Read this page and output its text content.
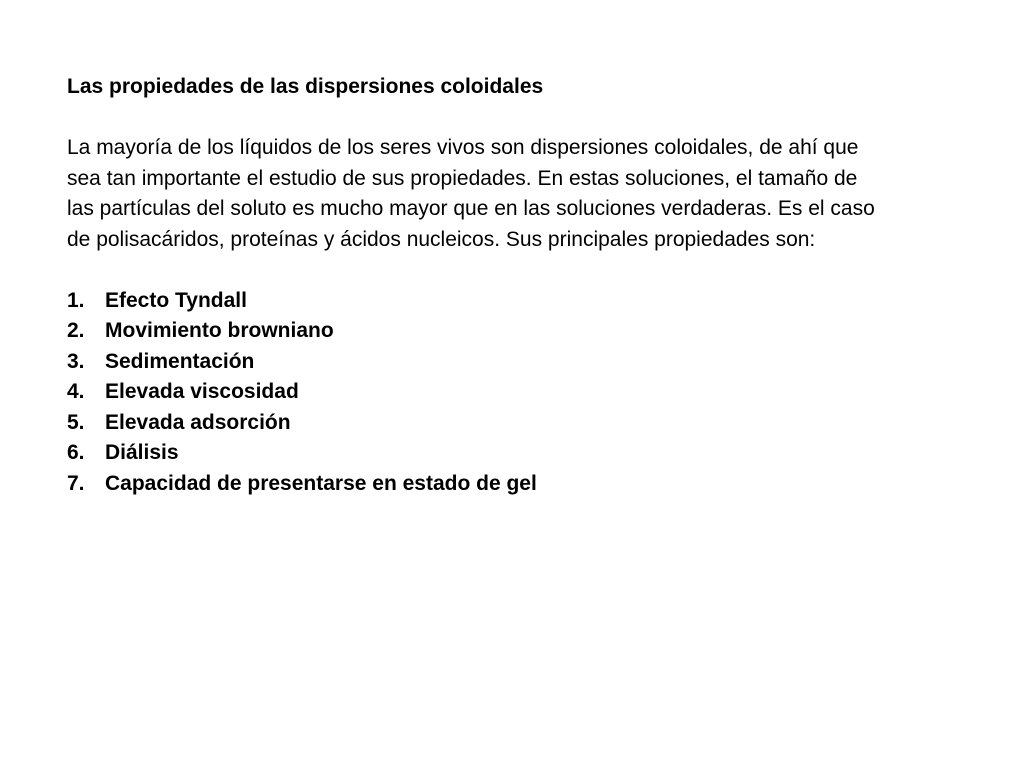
Las propiedades de las dispersiones coloidales

La mayoría de los líquidos de los seres vivos son dispersiones coloidales, de ahí que
sea tan importante el estudio de sus propiedades. En estas soluciones, el tamaño de
las partículas del soluto es mucho mayor que en las soluciones verdaderas. Es el caso
de polisacáridos, proteínas y ácidos nucleicos. Sus principales propiedades son:

1. Efecto Tyndall
2. Movimiento browniano
3. Sedimentación
4. Elevada viscosidad
5. Elevada adsorción
6. Diálisis
7. Capacidad de presentarse en estado de gel
